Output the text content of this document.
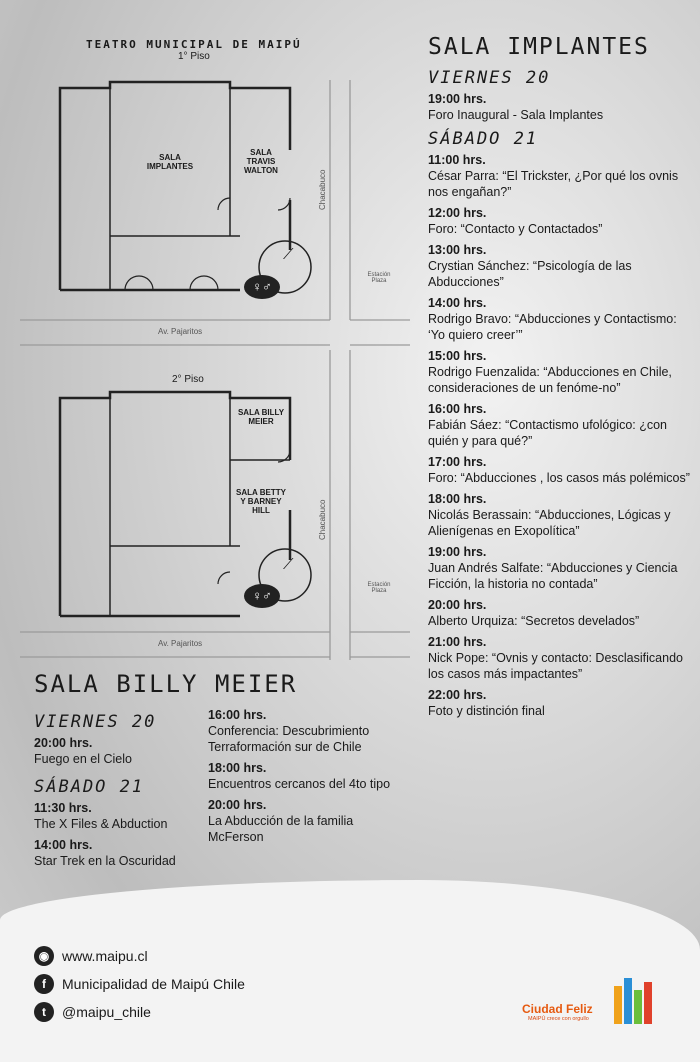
TEATRO MUNICIPAL DE MAIPÚ
1° Piso
SALA IMPLANTES
SALA TRAVIS WALTON
SALA BILLY MEIER
SALA BETTY Y BARNEY HILL
2° Piso
⟋
♀♂
⟋
♀♂
Av. Pajaritos
Av. Pajaritos
Chacabuco
Chacabuco
Estación Plaza
Estación Plaza
SALA IMPLANTES
VIERNES 20
19:00 hrs.
Foro Inaugural - Sala Implantes
SÁBADO 21
11:00 hrs.
César Parra: “El Trickster, ¿Por qué los ovnis nos engañan?”
12:00 hrs.
Foro: “Contacto y Contactados”
13:00 hrs.
Crystian Sánchez: “Psicología de las Abducciones”
14:00 hrs.
Rodrigo Bravo: “Abducciones y Contactismo: ‘Yo quiero creer’”
15:00 hrs.
Rodrigo Fuenzalida: “Abducciones en Chile, consideraciones de un fenóme-no”
16:00 hrs.
Fabián Sáez: “Contactismo ufológico: ¿con quién y para qué?”
17:00 hrs.
Foro: “Abducciones , los casos más polémicos”
18:00 hrs.
Nicolás Berassain: “Abducciones, Lógicas y Alienígenas en Exopolítica”
19:00 hrs.
Juan Andrés Salfate: “Abducciones y Ciencia Ficción, la historia no contada”
20:00 hrs.
Alberto Urquiza: “Secretos develados”
21:00 hrs.
Nick Pope: “Ovnis y contacto: Desclasificando los casos más impactantes”
22:00 hrs.
Foto y distinción final
SALA BILLY MEIER
VIERNES 20
20:00 hrs.
Fuego en el Cielo
SÁBADO 21
11:30 hrs.
The X Files & Abduction
14:00 hrs.
Star Trek en la Oscuridad
16:00 hrs.
Conferencia: Descubrimiento Terraformación sur de Chile
18:00 hrs.
Encuentros cercanos del 4to tipo
20:00 hrs.
La Abducción de la familia McFerson
◉ www.maipu.cl
f	Municipalidad de Maipú Chile
t	@maipu_chile	Ciudad Feliz
MAIPÚ crece con orgullo
